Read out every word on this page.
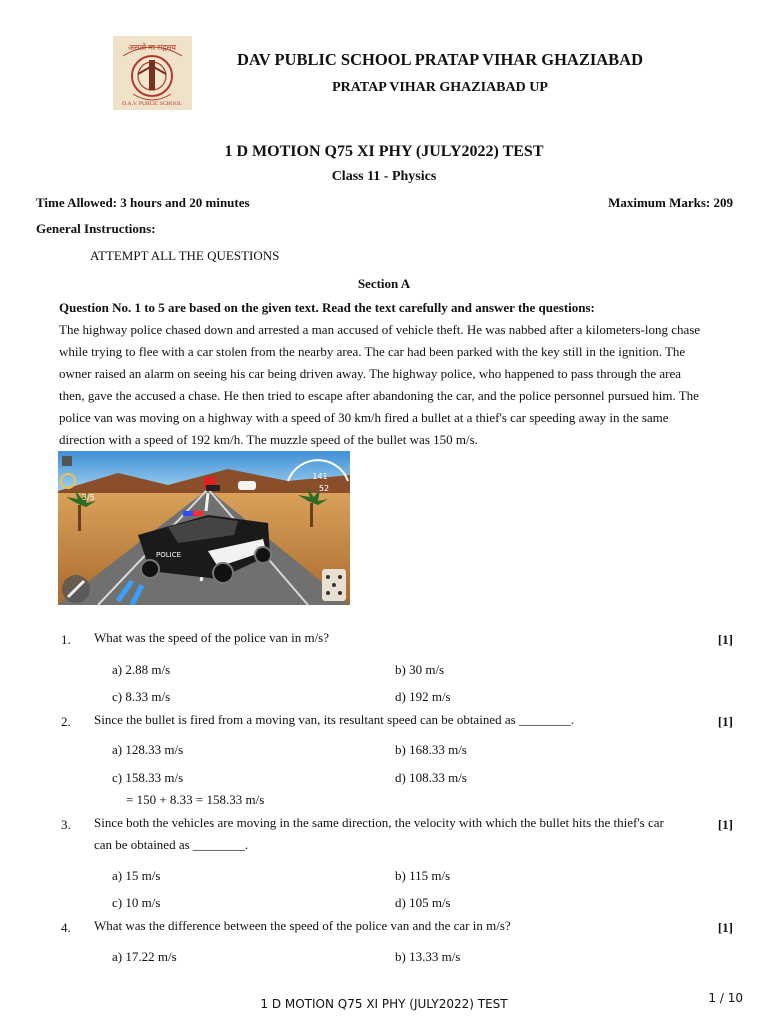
असतो मा सद्गमय
D.A.V. PUBLIC SCHOOL
DAV PUBLIC SCHOOL PRATAP VIHAR GHAZIABAD
PRATAP VIHAR GHAZIABAD UP
1 D MOTION Q75 XI PHY (JULY2022) TEST
Class 11 - Physics
Time Allowed: 3 hours and 20 minutes	Maximum Marks: 209
General Instructions:
ATTEMPT ALL THE QUESTIONS
Section A
Question No. 1 to 5 are based on the given text. Read the text carefully and answer the questions:
The highway police chased down and arrested a man accused of vehicle theft. He was nabbed after a kilometers-long chase
while trying to flee with a car stolen from the nearby area. The car had been parked with the key still in the ignition. The
owner raised an alarm on seeing his car being driven away. The highway police, who happened to pass through the area
then, gave the accused a chase. He then tried to escape after abandoning the car, and the police personnel pursued him. The
police van was moving on a highway with a speed of 30 km/h fired a bullet at a thief's car speeding away in the same
direction with a speed of 192 km/h. The muzzle speed of the bullet was 150 m/s.
POLICE
3/5
141
52
1. What was the speed of the police van in m/s?	[1]
a) 2.88 m/s	b) 30 m/s
c) 8.33 m/s	d) 192 m/s
2. Since the bullet is fired from a moving van, its resultant speed can be obtained as ________.	[1]
a) 128.33 m/s	b) 168.33 m/s
c) 158.33 m/s	d) 108.33 m/s
= 150 + 8.33 = 158.33 m/s
3. Since both the vehicles are moving in the same direction, the velocity with which the bullet hits the thief's car
can be obtained as ________.
[1]
a) 15 m/s	b) 115 m/s
c) 10 m/s	d) 105 m/s
4. What was the difference between the speed of the police van and the car in m/s?	[1]
a) 17.22 m/s	b) 13.33 m/s
1 D MOTION Q75 XI PHY (JULY2022) TEST	1 / 10
